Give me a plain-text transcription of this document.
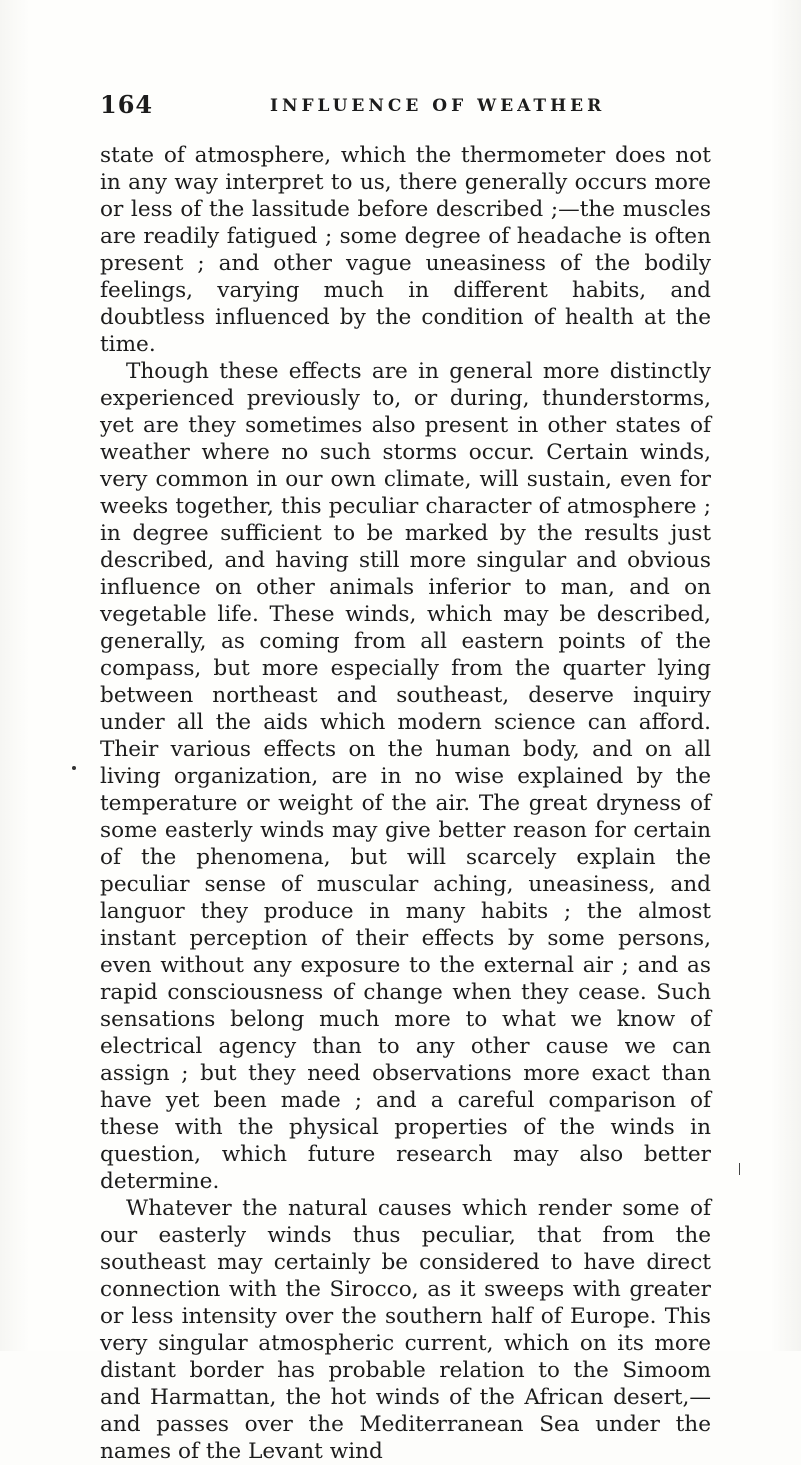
164	INFLUENCE OF WEATHER

state of atmosphere, which the thermometer does not in any way interpret to us, there generally occurs more or less of the lassitude before described ;—the muscles are readily fatigued ; some degree of headache is often present ; and other vague uneasiness of the bodily feelings, varying much in different habits, and doubtless influenced by the condition of health at the time.

Though these effects are in general more distinctly experienced previously to, or during, thunderstorms, yet are they sometimes also present in other states of weather where no such storms occur. Certain winds, very common in our own climate, will sustain, even for weeks together, this peculiar character of atmosphere ; in degree sufficient to be marked by the results just described, and having still more singular and obvious influence on other animals inferior to man, and on vegetable life. These winds, which may be described, generally, as coming from all eastern points of the compass, but more especially from the quarter lying between northeast and southeast, deserve inquiry under all the aids which modern science can afford. Their various effects on the human body, and on all living organization, are in no wise explained by the temperature or weight of the air. The great dryness of some easterly winds may give better reason for certain of the phenomena, but will scarcely explain the peculiar sense of muscular aching, uneasiness, and languor they produce in many habits ; the almost instant perception of their effects by some persons, even without any exposure to the external air ; and as rapid consciousness of change when they cease. Such sensations belong much more to what we know of electrical agency than to any other cause we can assign ; but they need observations more exact than have yet been made ; and a careful comparison of these with the physical properties of the winds in question, which future research may also better determine.

Whatever the natural causes which render some of our easterly winds thus peculiar, that from the southeast may certainly be considered to have direct connection with the Sirocco, as it sweeps with greater or less intensity over the southern half of Europe. This very singular atmospheric current, which on its more distant border has probable relation to the Simoom and Harmattan, the hot winds of the African desert,—and passes over the Mediterranean Sea under the names of the Levant wind
